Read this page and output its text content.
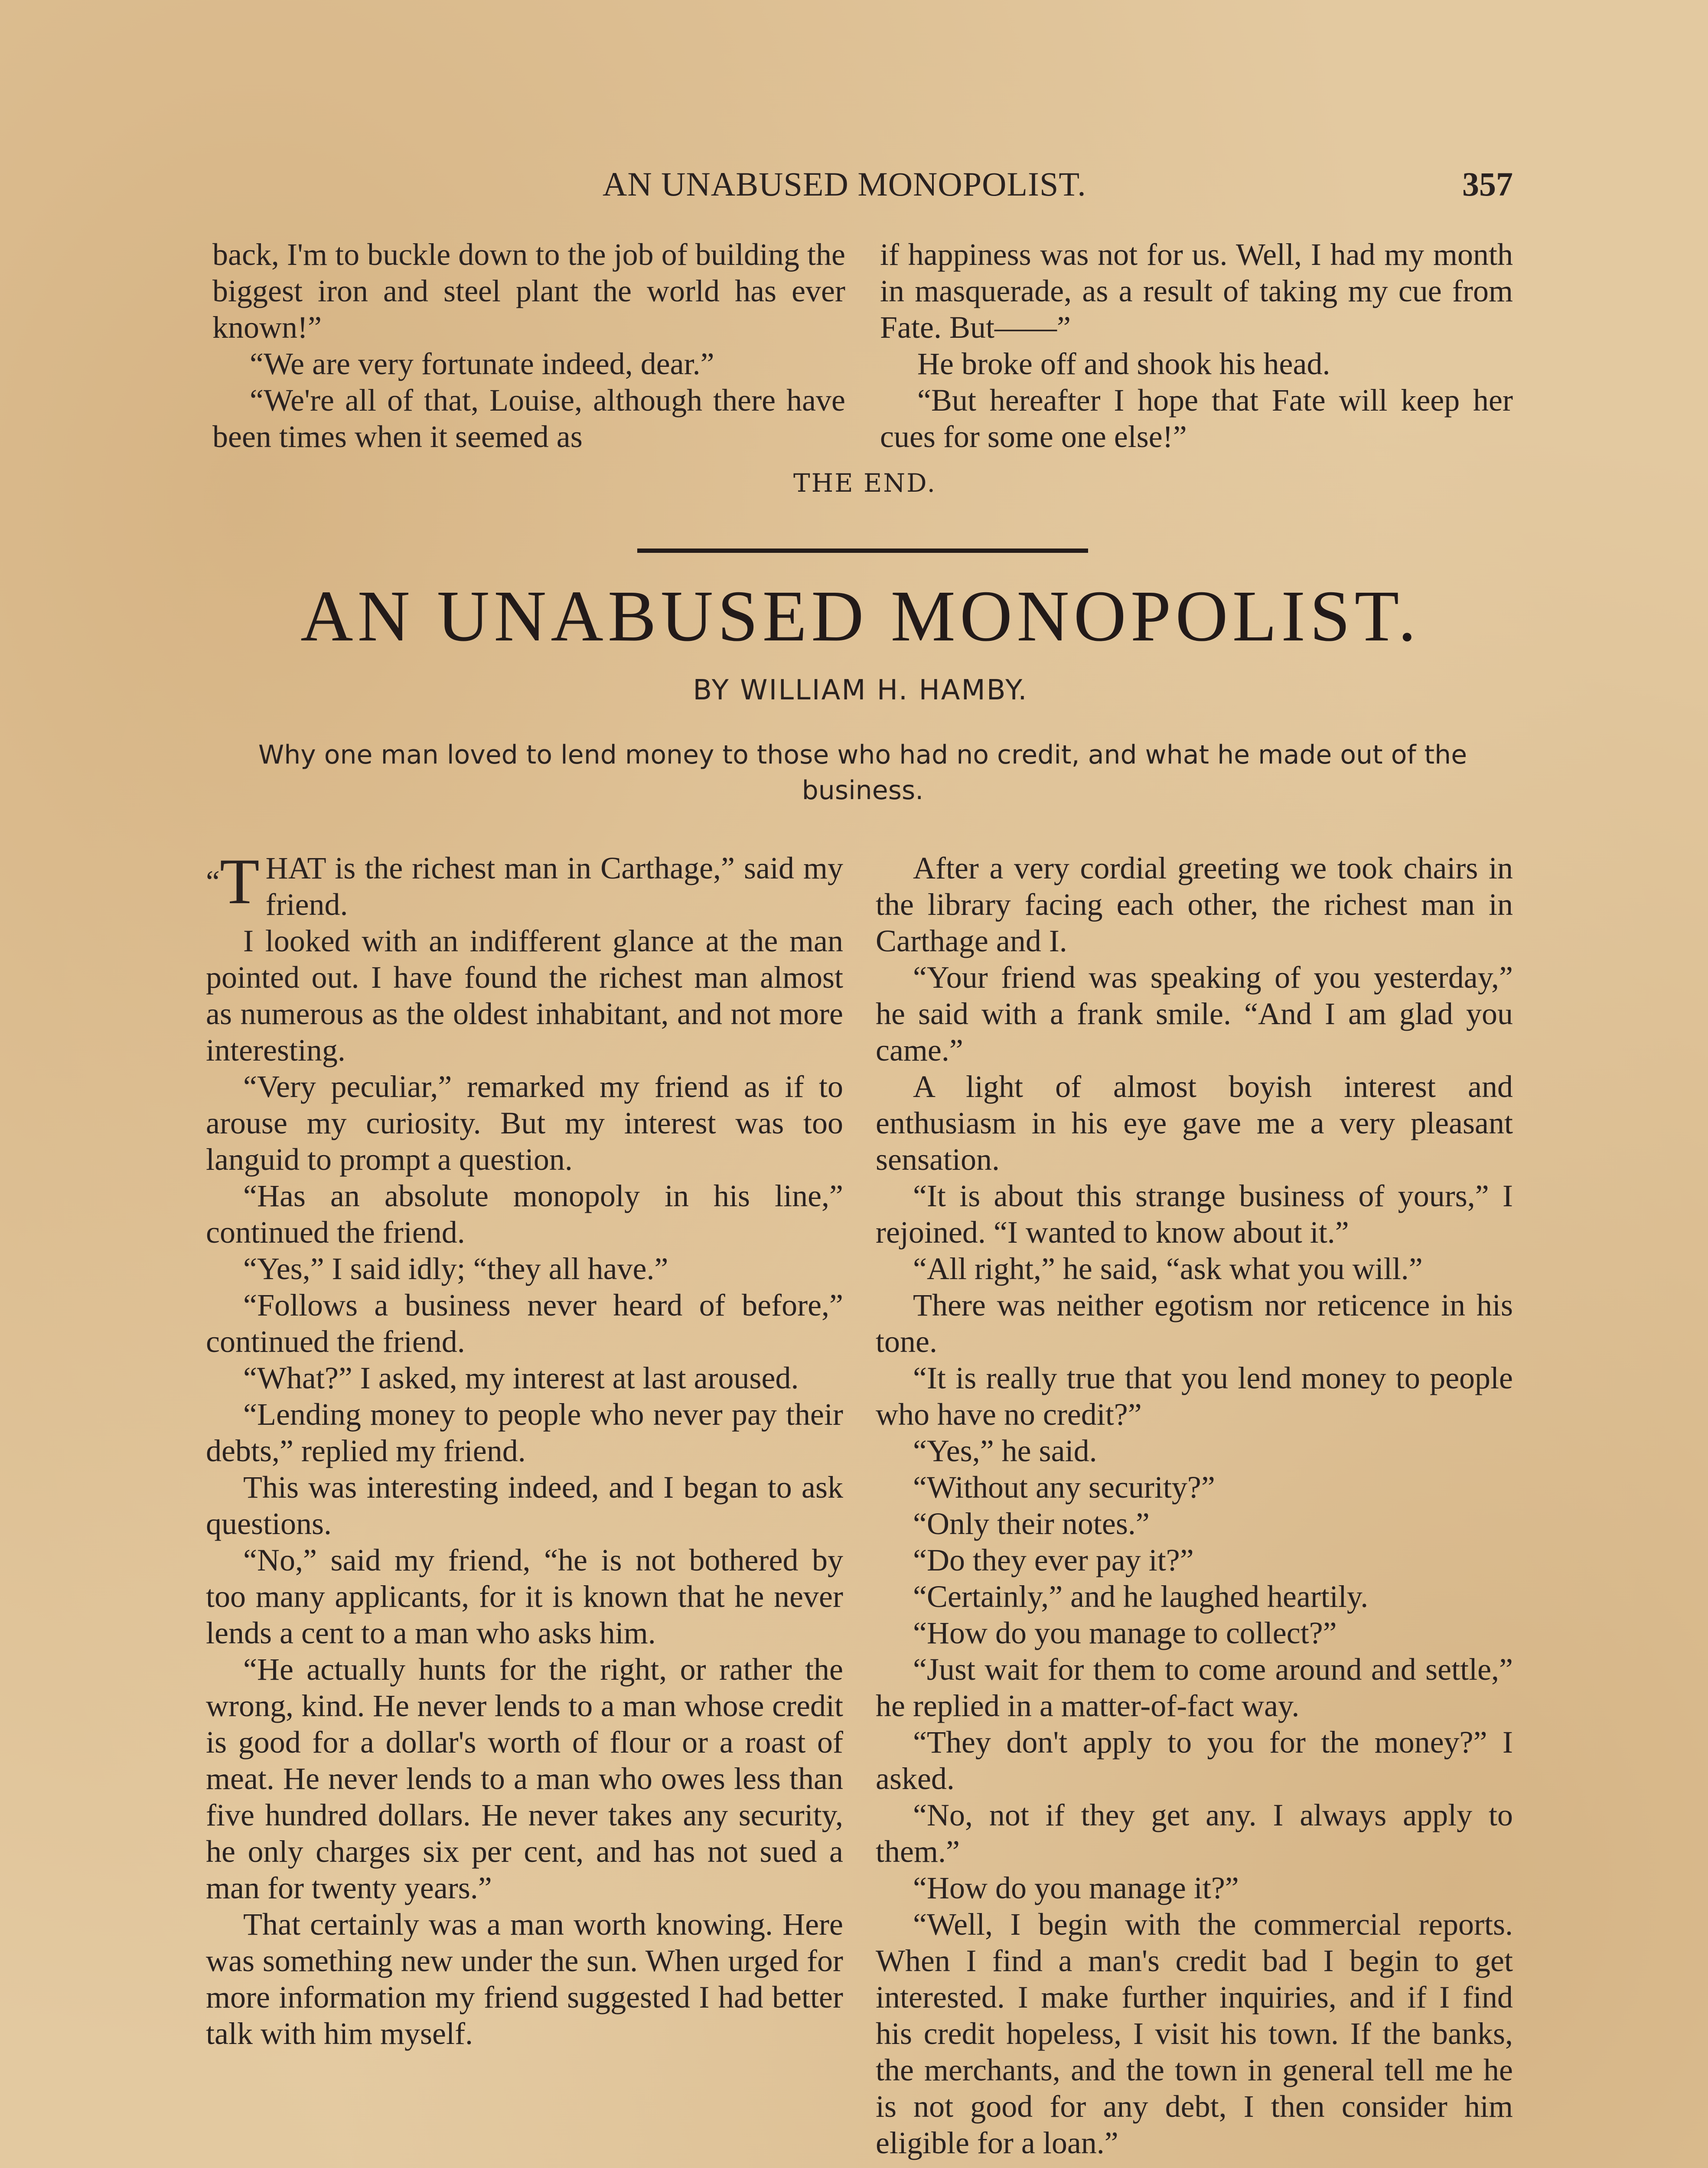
AN UNABUSED MONOPOLIST.	357

back, I'm to buckle down to the job of building the biggest iron and steel plant the world has ever known!”

“We are very fortunate indeed, dear.”

“We're all of that, Louise, although there have been times when it seemed as

if happiness was not for us. Well, I had my month in masquerade, as a result of taking my cue from Fate. But——”

He broke off and shook his head.

“But hereafter I hope that Fate will keep her cues for some one else!”

THE END.
AN UNABUSED MONOPOLIST.
BY WILLIAM H. HAMBY.
Why one man loved to lend money to those who had no credit, and what he made out of the business.

“T HAT is the richest man in Carthage,” said my friend.

I looked with an indifferent glance at the man pointed out. I have found the richest man almost as numerous as the oldest inhabitant, and not more interesting.

“Very peculiar,” remarked my friend as if to arouse my curiosity. But my interest was too languid to prompt a question.

“Has an absolute monopoly in his line,” continued the friend.

“Yes,” I said idly; “they all have.”

“Follows a business never heard of before,” continued the friend.

“What?” I asked, my interest at last aroused.

“Lending money to people who never pay their debts,” replied my friend.

This was interesting indeed, and I began to ask questions.

“No,” said my friend, “he is not bothered by too many applicants, for it is known that he never lends a cent to a man who asks him.

“He actually hunts for the right, or rather the wrong, kind. He never lends to a man whose credit is good for a dollar's worth of flour or a roast of meat. He never lends to a man who owes less than five hundred dollars. He never takes any security, he only charges six per cent, and has not sued a man for twenty years.”

That certainly was a man worth knowing. Here was something new under the sun. When urged for more information my friend suggested I had better talk with him myself.

After a very cordial greeting we took chairs in the library facing each other, the richest man in Carthage and I.

“Your friend was speaking of you yesterday,” he said with a frank smile. “And I am glad you came.”

A light of almost boyish interest and enthusiasm in his eye gave me a very pleasant sensation.

“It is about this strange business of yours,” I rejoined. “I wanted to know about it.”

“All right,” he said, “ask what you will.”

There was neither egotism nor reticence in his tone.

“It is really true that you lend money to people who have no credit?”

“Yes,” he said.

“Without any security?”

“Only their notes.”

“Do they ever pay it?”

“Certainly,” and he laughed heartily.

“How do you manage to collect?”

“Just wait for them to come around and settle,” he replied in a matter-of-fact way.

“They don't apply to you for the money?” I asked.

“No, not if they get any. I always apply to them.”

“How do you manage it?”

“Well, I begin with the commercial reports. When I find a man's credit bad I begin to get interested. I make further inquiries, and if I find his credit hopeless, I visit his town. If the banks, the merchants, and the town in general tell me he is not good for any debt, I then consider him eligible for a loan.”
